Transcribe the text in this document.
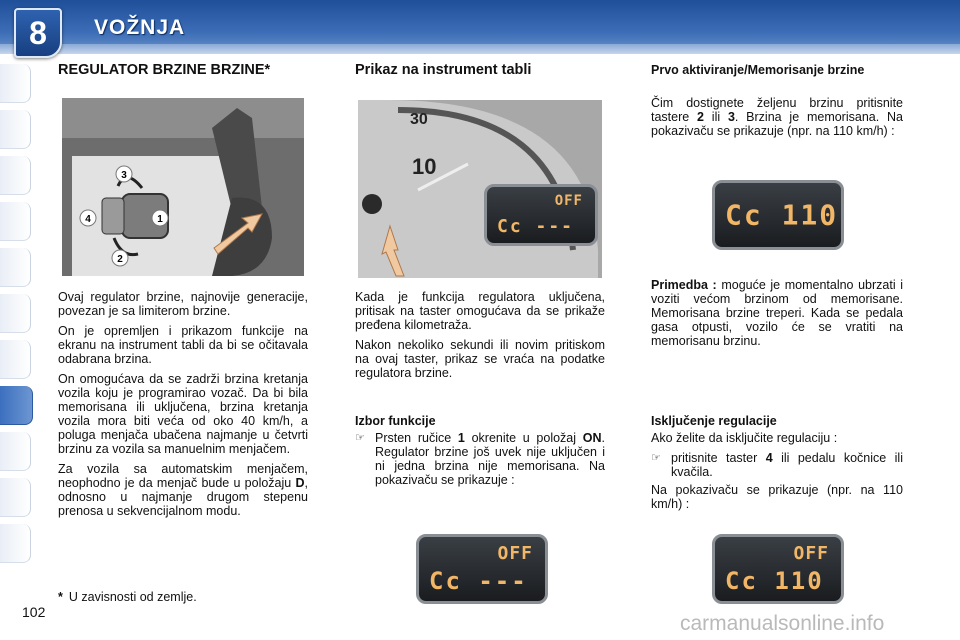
8	VOŽNJA
REGULATOR BRZINE BRZINE*
3
4	1
2

Ovaj regulator brzine, najnovije generacije, povezan je sa limiterom brzine.

On je opremljen i prikazom funkcije na ekranu na instrument tabli da bi se očitavala odabrana brzina.

On omogućava da se zadrži brzina kretanja vozila koju je programirao vozač. Da bi bila memorisana ili uključena, brzina kretanja vozila mora biti veća od oko 40 km/h, a poluga menjača ubačena najmanje u četvrti brzinu za vozila sa manuelnim menjačem.

Za vozila sa automatskim menjačem, neophodno je da menjač bude u položaju D, odnosno u najmanje drugom stepenu prenosa u sekvencijalnom modu.

* U zavisnosti od zemlje.
102
Prikaz na instrument tabli
30
10
OFF
Cc ---

Kada je funkcija regulatora uključena, pritisak na taster omogućava da se prikaže pređena kilometraža.

Nakon nekoliko sekundi ili novim pritiskom na ovaj taster, prikaz se vraća na podatke regulatora brzine.

Izbor funkcije
☞ Prsten ručice 1 okrenite u položaj ON. Regulator brzine još uvek nije uključen i ni jedna brzina nije memorisana. Na pokazivaču se prikazuje :
OFF
Cc ---
Prvo aktiviranje/Memorisanje brzine

Čim dostignete željenu brzinu pritisnite tastere 2 ili 3. Brzina je memorisana. Na pokazivaču se prikazuje (npr. na 110 km/h) :

Cc 110

Primedba : moguće je momentalno ubrzati i voziti većom brzinom od memorisane. Memorisana brzine treperi. Kada se pedala gasa otpusti, vozilo će se vratiti na memorisanu brzinu.

Isključenje regulacije

Ako želite da isključite regulaciju :

☞ pritisnite taster 4 ili pedalu kočnice ili kvačila.

Na pokazivaču se prikazuje (npr. na 110 km/h) :

OFF
Cc 110
carmanualsonline.info
